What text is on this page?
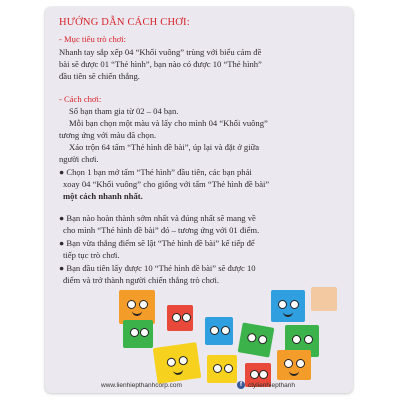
HƯỚNG DẪN CÁCH CHƠI:
- Mục tiêu trò chơi:
Nhanh tay sắp xếp 04 “Khối vuông” trùng với biểu cảm đề
bài sẽ được 01 “Thẻ hình”, bạn nào có được 10 “Thẻ hình”
đầu tiên sẽ chiến thắng.
- Cách chơi:
Số bạn tham gia từ 02 – 04 bạn.
Mỗi bạn chọn một màu và lấy cho mình 04 “Khối vuông”
tương ứng với màu đã chọn.
Xáo trộn 64 tấm “Thẻ hình đề bài”, úp lại và đặt ở giữa
người chơi.
● Chọn 1 bạn mở tấm “Thẻ hình” đầu tiên, các bạn phải
xoay 04 “Khối vuông” cho giống với tấm “Thẻ hình đề bài”
một cách nhanh nhất.
● Bạn nào hoàn thành sớm nhất và đúng nhất sẽ mang về
cho mình “Thẻ hình đề bài” đó – tương ứng với 01 điểm.
● Bạn vừa thắng điểm sẽ lật “Thẻ hình đề bài” kế tiếp để
tiếp tục trò chơi.
● Bạn đầu tiên lấy được 10 “Thẻ hình đề bài” sẽ được 10
điểm và trở thành người chiến thắng trò chơi.
www.lienhiepthanhcorp.com	f ctylienhiepthanh
